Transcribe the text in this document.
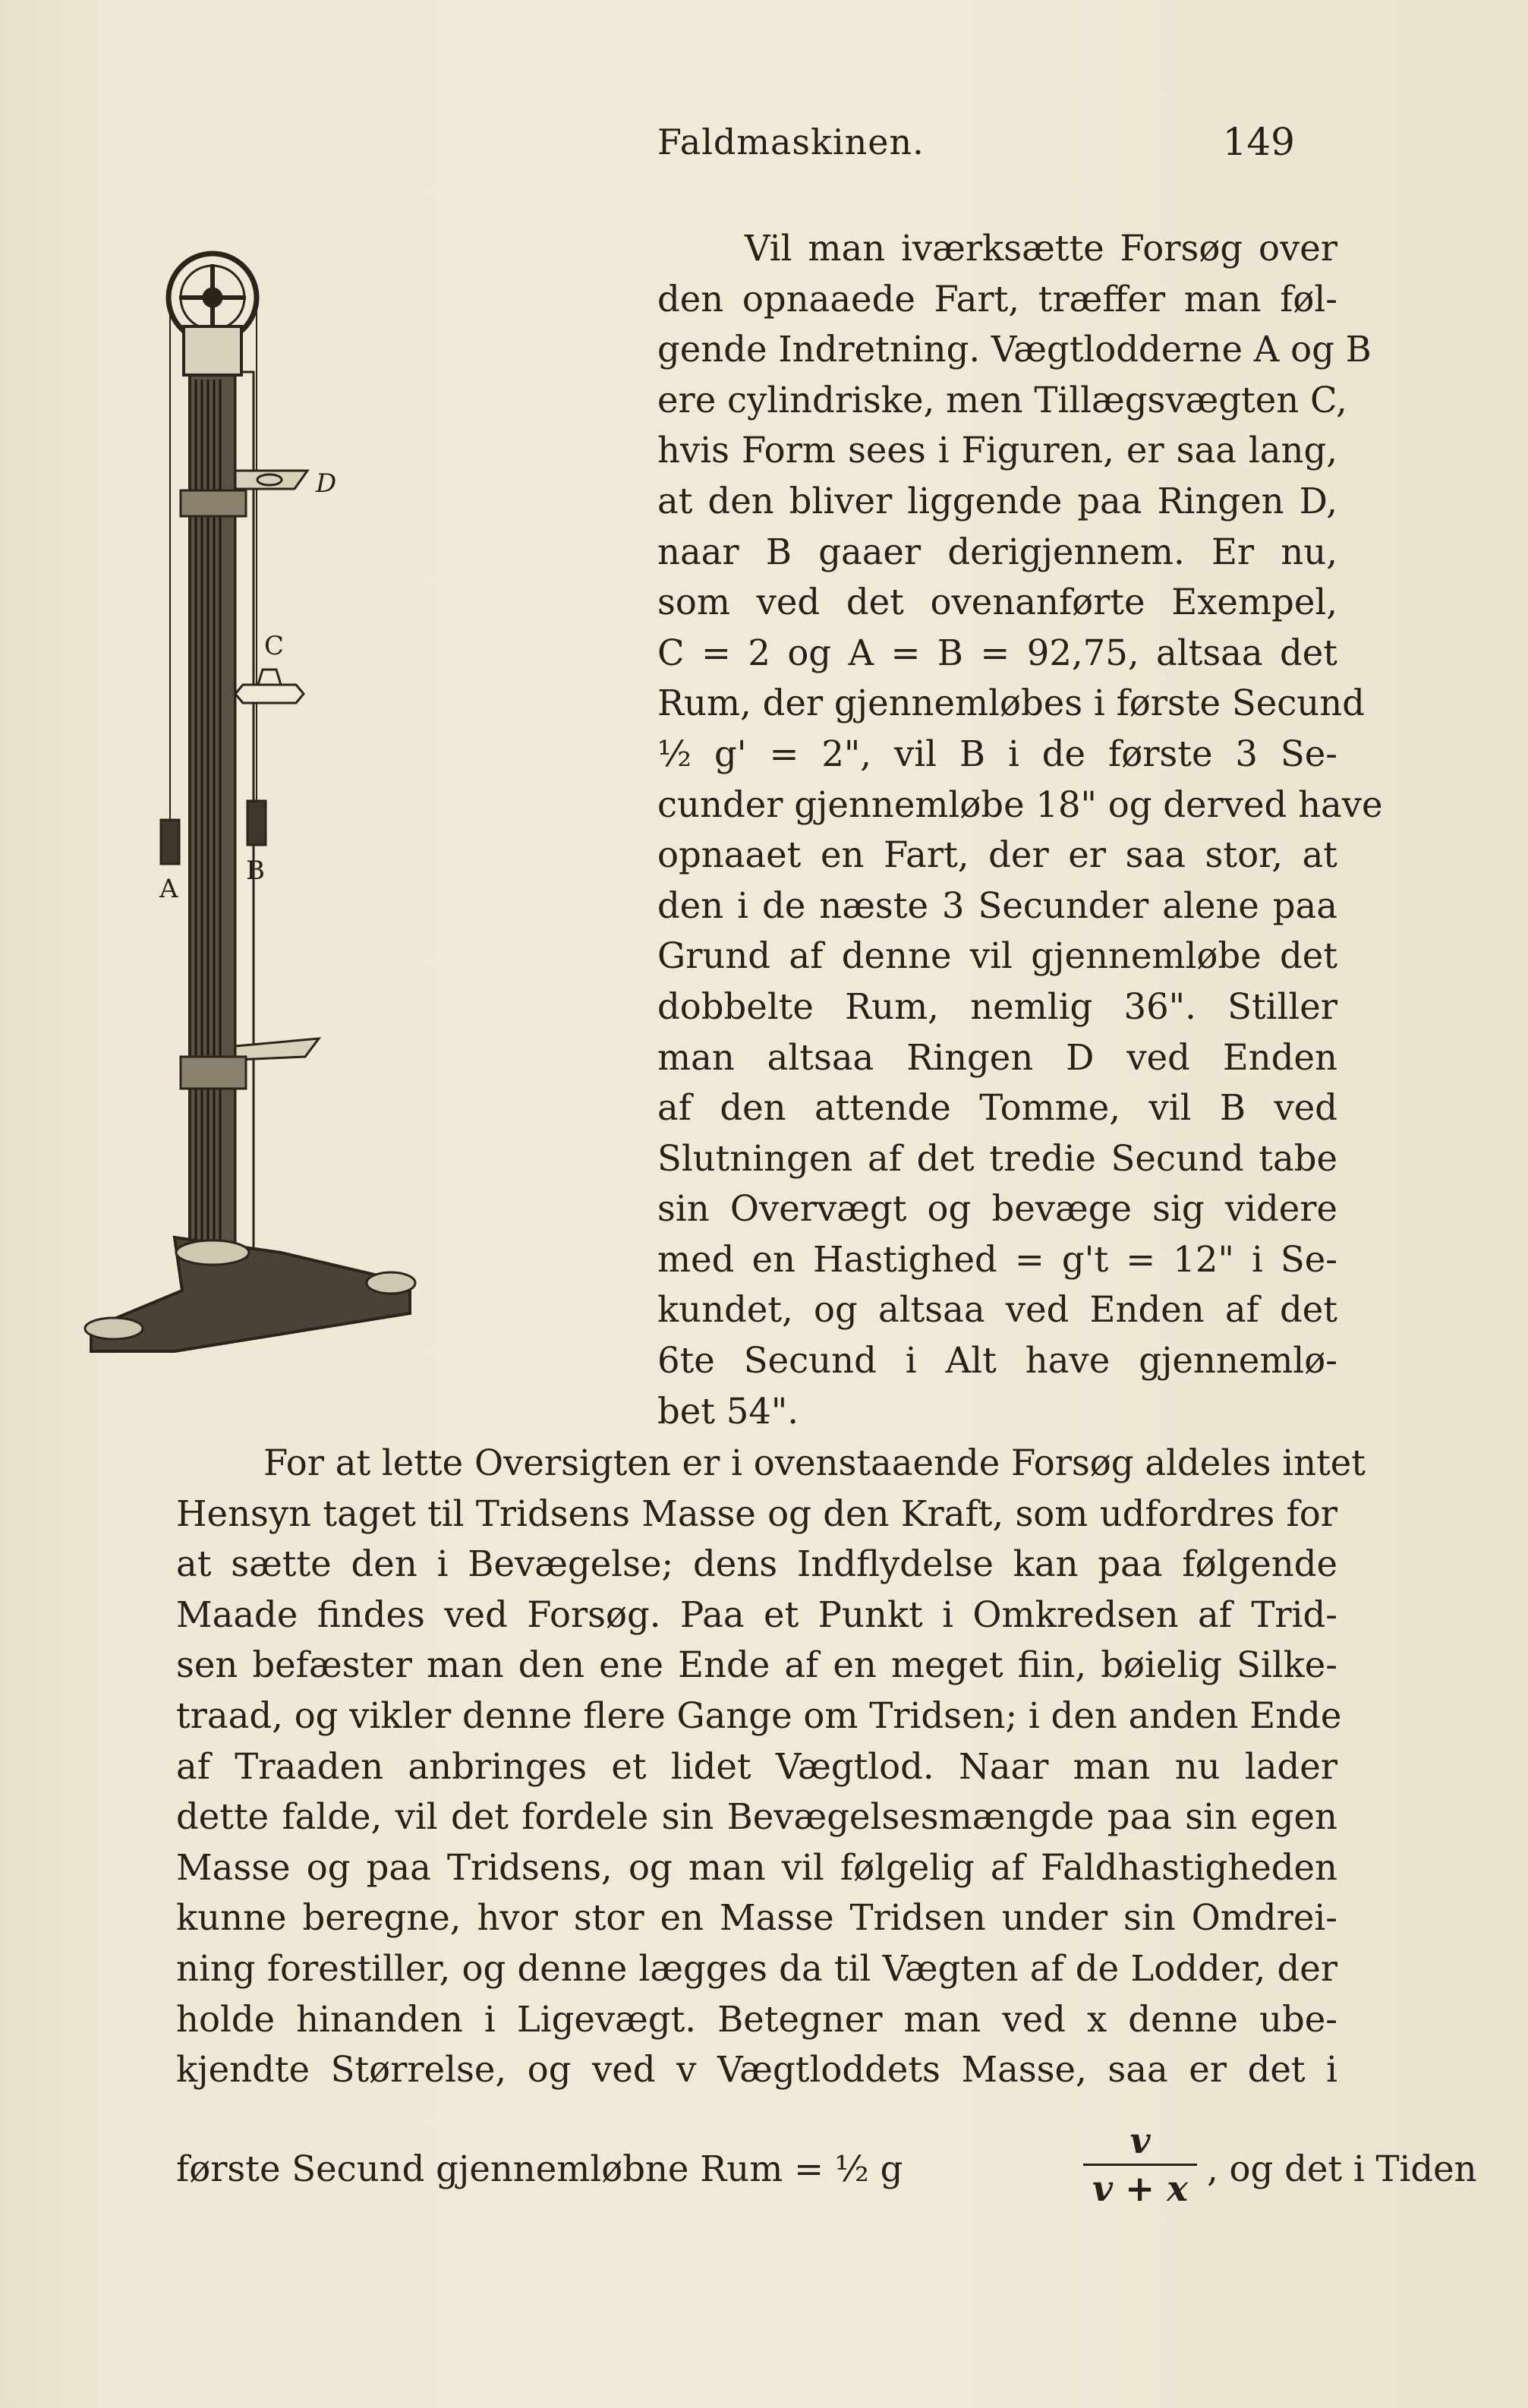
Faldmaskinen.	149
D
C
A
B
Vil man iværksætte Forsøg over
den opnaaede Fart, træffer man føl-
gende Indretning. Vægtlodderne A og B
ere cylindriske, men Tillægsvægten C,
hvis Form sees i Figuren, er saa lang,
at den bliver liggende paa Ringen D,
naar B gaaer derigjennem. Er nu,
som ved det ovenanførte Exempel,
C = 2 og A = B = 92,75, altsaa det
Rum, der gjennemløbes i første Secund
½ g' = 2", vil B i de første 3 Se-
cunder gjennemløbe 18" og derved have
opnaaet en Fart, der er saa stor, at
den i de næste 3 Secunder alene paa
Grund af denne vil gjennemløbe det
dobbelte Rum, nemlig 36". Stiller
man altsaa Ringen D ved Enden
af den attende Tomme, vil B ved
Slutningen af det tredie Secund tabe
sin Overvægt og bevæge sig videre
med en Hastighed = g't = 12" i Se-
kundet, og altsaa ved Enden af det
6te Secund i Alt have gjennemlø-
bet 54".
For at lette Oversigten er i ovenstaaende Forsøg aldeles intet
Hensyn taget til Tridsens Masse og den Kraft, som udfordres for
at sætte den i Bevægelse; dens Indflydelse kan paa følgende
Maade findes ved Forsøg. Paa et Punkt i Omkredsen af Trid-
sen befæster man den ene Ende af en meget fiin, bøielig Silke-
traad, og vikler denne flere Gange om Tridsen; i den anden Ende
af Traaden anbringes et lidet Vægtlod. Naar man nu lader
dette falde, vil det fordele sin Bevægelsesmængde paa sin egen
Masse og paa Tridsens, og man vil følgelig af Faldhastigheden
kunne beregne, hvor stor en Masse Tridsen under sin Omdrei-
ning forestiller, og denne lægges da til Vægten af de Lodder, der
holde hinanden i Ligevægt. Betegner man ved x denne ube-
kjendte Størrelse, og ved v Vægtloddets Masse, saa er det i
første Secund gjennemløbne Rum = ½ g	$\frac{v}{v + x}$ , og det i Tiden
